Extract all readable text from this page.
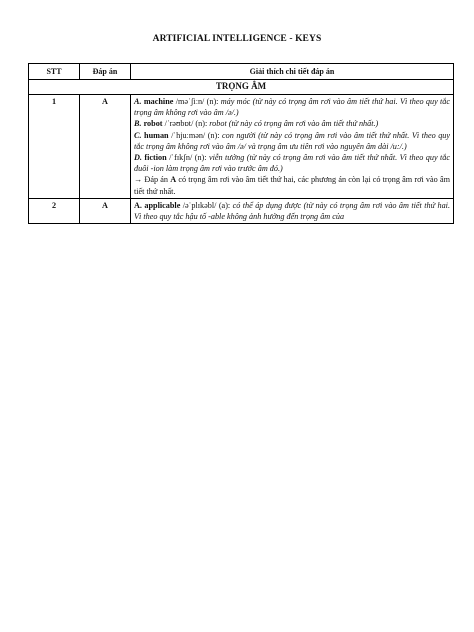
ARTIFICIAL INTELLIGENCE - KEYS
STT	Đáp án	Giải thích chi tiết đáp án
TRỌNG ÂM		
1	A	A. machine /məˈʃiːn/ (n): máy móc (từ này có trọng âm rơi vào âm tiết thứ hai. Vì theo quy tắc trọng âm không rơi vào âm /ə/.)
B. robot /ˈrəʊbɒt/ (n): robot (từ này có trọng âm rơi vào âm tiết thứ nhất.)
C. human /ˈhjuːmən/ (n): con người (từ này có trọng âm rơi vào âm tiết thứ nhất. Vì theo quy tắc trọng âm không rơi vào âm /ə/ và trọng âm ưu tiên rơi vào nguyên âm dài /u:/.)
D. fiction /ˈfɪkʃn/ (n): viễn tưởng (từ này có trọng âm rơi vào âm tiết thứ nhất. Vì theo quy tắc đuôi -ion làm trọng âm rơi vào trước âm đó.)
→ Đáp án A có trọng âm rơi vào âm tiết thứ hai, các phương án còn lại có trọng âm rơi vào âm tiết thứ nhất.

2	A	A. applicable /əˈplɪkəbl/ (a): có thể áp dụng được (từ này có trọng âm rơi vào âm tiết thứ hai. Vì theo quy tắc hậu tố -able không ảnh hưởng đến trọng âm của
